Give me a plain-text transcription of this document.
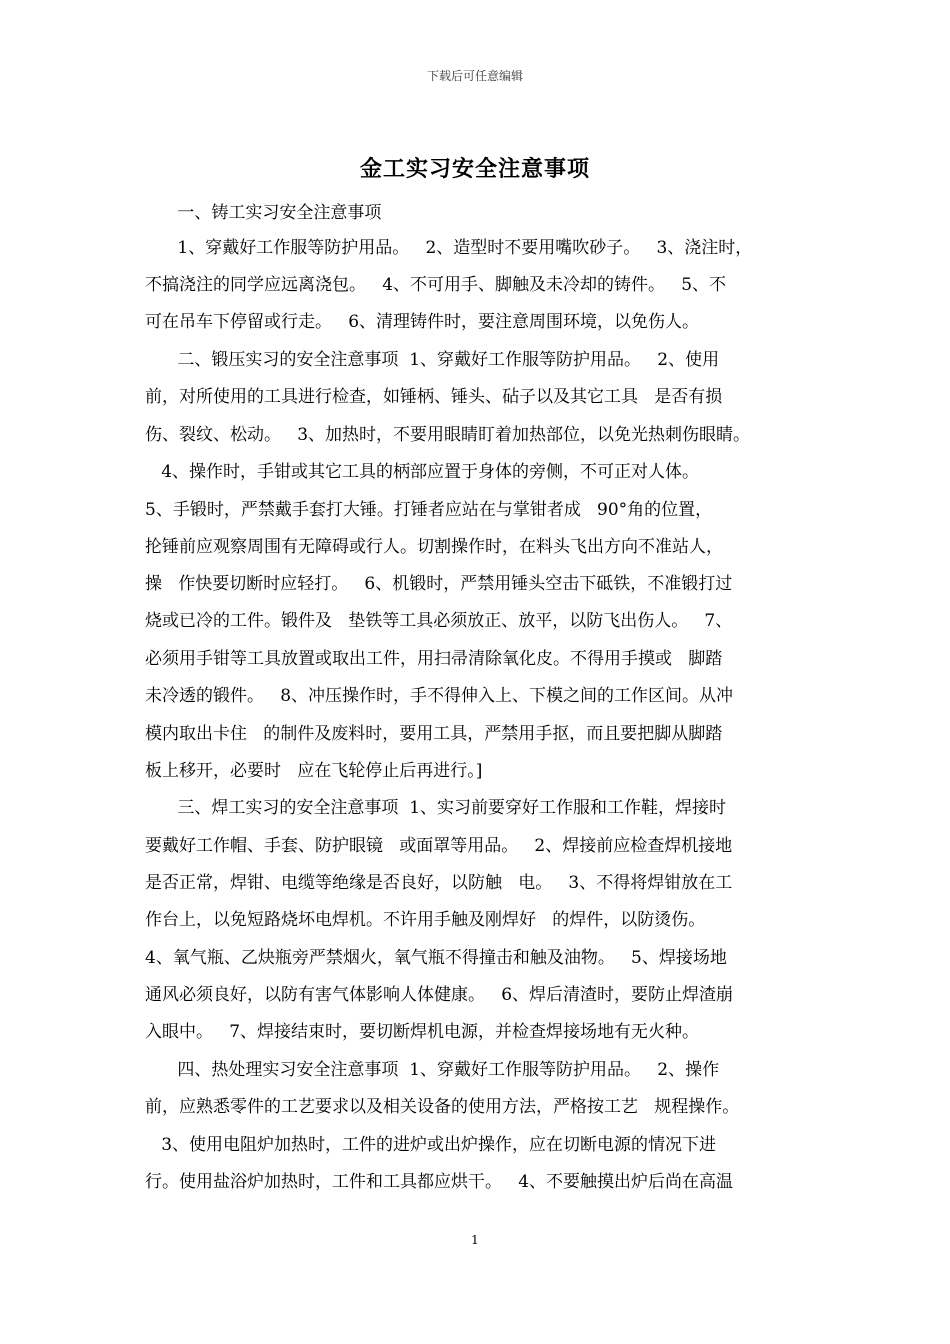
下载后可任意编辑
金工实习安全注意事项
一、铸工实习安全注意事项
1、穿戴好工作服等防护用品。   2、造型时不要用嘴吹砂子。   3、浇注时，
不搞浇注的同学应远离浇包。   4、不可用手、脚触及未冷却的铸件。   5、不
可在吊车下停留或行走。   6、清理铸件时，要注意周围环境，以免伤人。
二、锻压实习的安全注意事项  1、穿戴好工作服等防护用品。   2、使用
前，对所使用的工具进行检查，如锤柄、锤头、砧子以及其它工具   是否有损
伤、裂纹、松动。   3、加热时，不要用眼睛盯着加热部位，以免光热刺伤眼睛。
4、操作时，手钳或其它工具的柄部应置于身体的旁侧，不可正对人体。
5、手锻时，严禁戴手套打大锤。打锤者应站在与掌钳者成   90°角的位置，
抡锤前应观察周围有无障碍或行人。切割操作时，在料头飞出方向不准站人，
操   作快要切断时应轻打。   6、机锻时，严禁用锤头空击下砥铁，不准锻打过
烧或已冷的工件。锻件及   垫铁等工具必须放正、放平，以防飞出伤人。   7、
必须用手钳等工具放置或取出工件，用扫帚清除氧化皮。不得用手摸或   脚踏
未冷透的锻件。   8、冲压操作时，手不得伸入上、下模之间的工作区间。从冲
模内取出卡住   的制件及废料时，要用工具，严禁用手抠，而且要把脚从脚踏
板上移开，必要时   应在飞轮停止后再进行。]
三、焊工实习的安全注意事项  1、实习前要穿好工作服和工作鞋，焊接时
要戴好工作帽、手套、防护眼镜   或面罩等用品。   2、焊接前应检查焊机接地
是否正常，焊钳、电缆等绝缘是否良好，以防触   电。   3、不得将焊钳放在工
作台上，以免短路烧坏电焊机。不许用手触及刚焊好   的焊件，以防烫伤。
4、氧气瓶、乙炔瓶旁严禁烟火，氧气瓶不得撞击和触及油物。   5、焊接场地
通风必须良好，以防有害气体影响人体健康。   6、焊后清渣时，要防止焊渣崩
入眼中。   7、焊接结束时，要切断焊机电源，并检查焊接场地有无火种。
四、热处理实习安全注意事项  1、穿戴好工作服等防护用品。   2、操作
前，应熟悉零件的工艺要求以及相关设备的使用方法，严格按工艺   规程操作。
3、使用电阻炉加热时，工件的进炉或出炉操作，应在切断电源的情况下进
行。使用盐浴炉加热时，工件和工具都应烘干。   4、不要触摸出炉后尚在高温
1
